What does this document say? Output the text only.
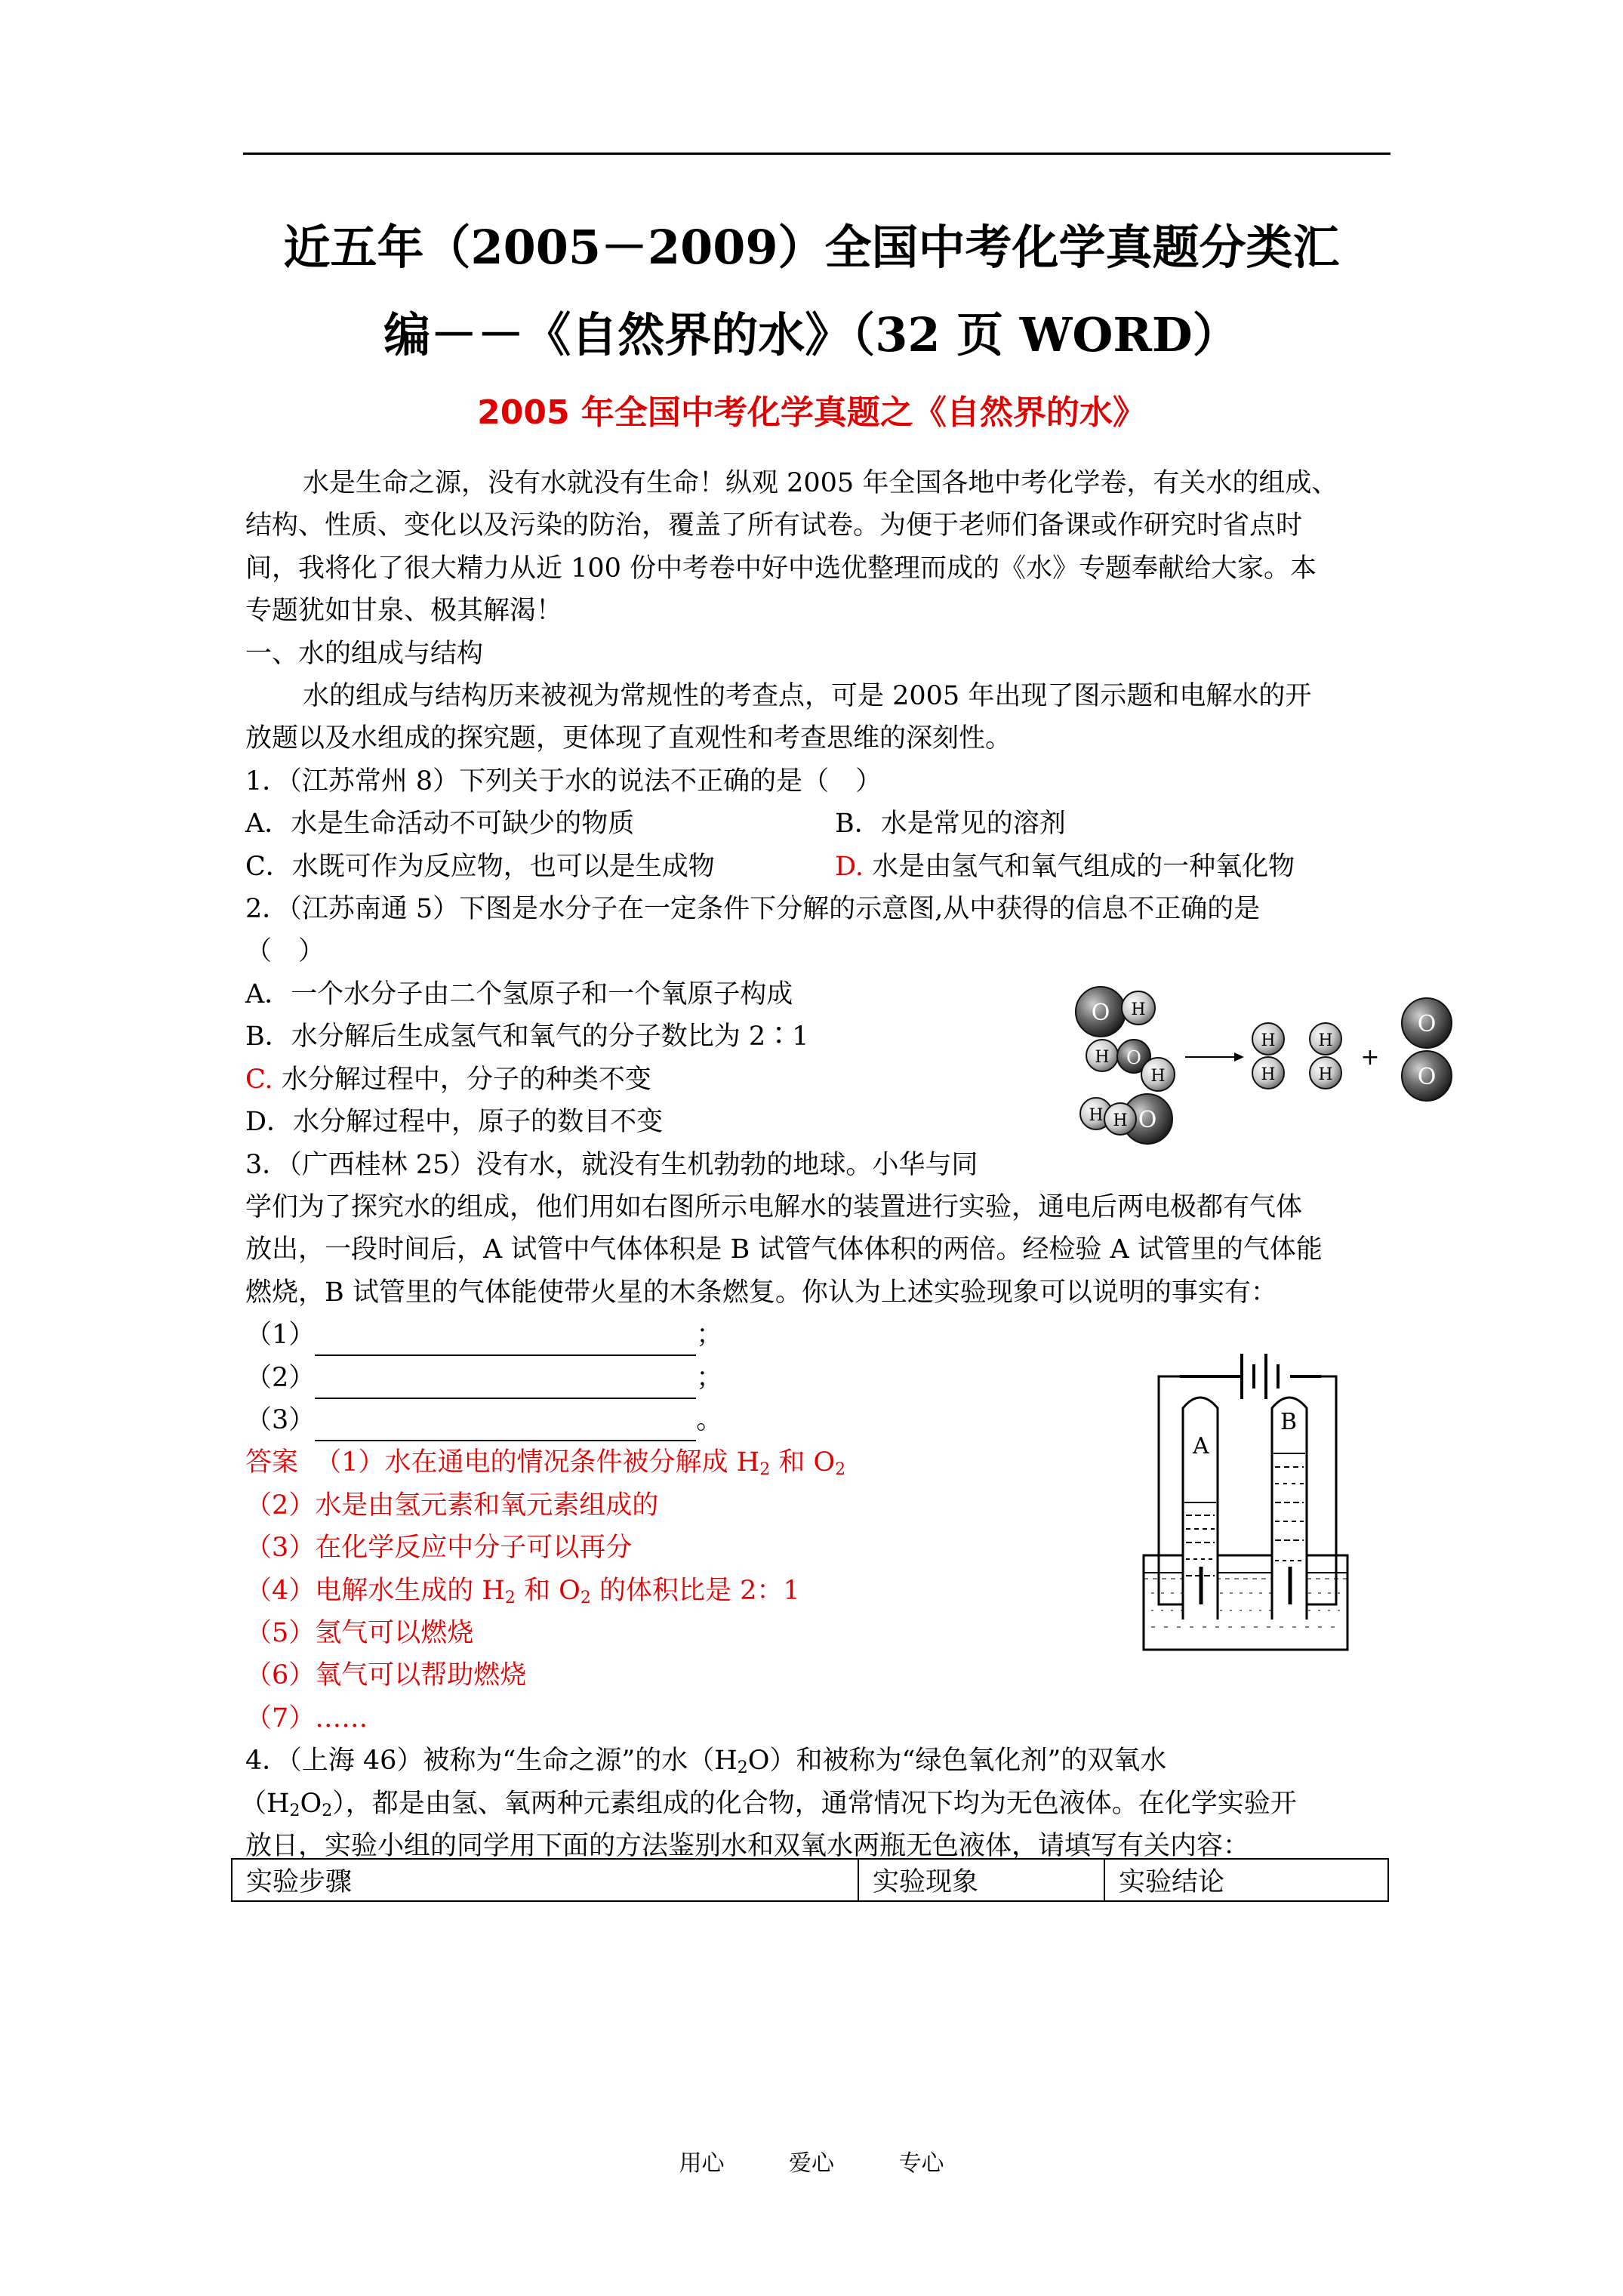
近五年（2005－2009）全国中考化学真题分类汇
编－－《自然界的水》（32 页 WORD）
2005 年全国中考化学真题之《自然界的水》
水是生命之源，没有水就没有生命！纵观 2005 年全国各地中考化学卷，有关水的组成、
结构、性质、变化以及污染的防治，覆盖了所有试卷。为便于老师们备课或作研究时省点时
间，我将化了很大精力从近 100 份中考卷中好中选优整理而成的《水》专题奉献给大家。本
专题犹如甘泉、极其解渴！
一、水的组成与结构
水的组成与结构历来被视为常规性的考查点，可是 2005 年出现了图示题和电解水的开
放题以及水组成的探究题，更体现了直观性和考查思维的深刻性。
1．（江苏常州 8）下列关于水的说法不正确的是（　）
A．水是生命活动不可缺少的物质	B．水是常见的溶剂
C．水既可作为反应物，也可以是生成物	D. 水是由氢气和氧气组成的一种氧化物
2．（江苏南通 5）下图是水分子在一定条件下分解的示意图,从中获得的信息不正确的是
（　）
A．一个水分子由二个氢原子和一个氧原子构成
B．水分解后生成氢气和氧气的分子数比为 2∶1
C. 水分解过程中，分子的种类不变
D．水分解过程中，原子的数目不变
O H
H O
H
H O
H
H
H
H
H
+
O
O
3．（广西桂林 25）没有水，就没有生机勃勃的地球。小华与同
学们为了探究水的组成，他们用如右图所示电解水的装置进行实验，通电后两电极都有气体
放出，一段时间后，A 试管中气体体积是 B 试管气体体积的两倍。经检验 A 试管里的气体能
燃烧，B 试管里的气体能使带火星的木条燃复。你认为上述实验现象可以说明的事实有：
（1）	；
（2）	；
（3）	。
A
B
答案 （1）水在通电的情况条件被分解成 $H_2$ 和 $O_2$
（2）水是由氢元素和氧元素组成的
（3）在化学反应中分子可以再分
（4）电解水生成的 $H_2$ 和 $O_2$ 的体积比是 2：1
（5）氢气可以燃烧
（6）氧气可以帮助燃烧
（7）……
4．（上海 46）被称为“生命之源”的水$(H_2O)$和被称为“绿色氧化剂”的双氧水
$(H_2O_2)$，都是由氢、氧两种元素组成的化合物，通常情况下均为无色液体。在化学实验开
放日，实验小组的同学用下面的方法鉴别水和双氧水两瓶无色液体，请填写有关内容：
实验步骤	实验现象	实验结论
用心	爱心	专心
